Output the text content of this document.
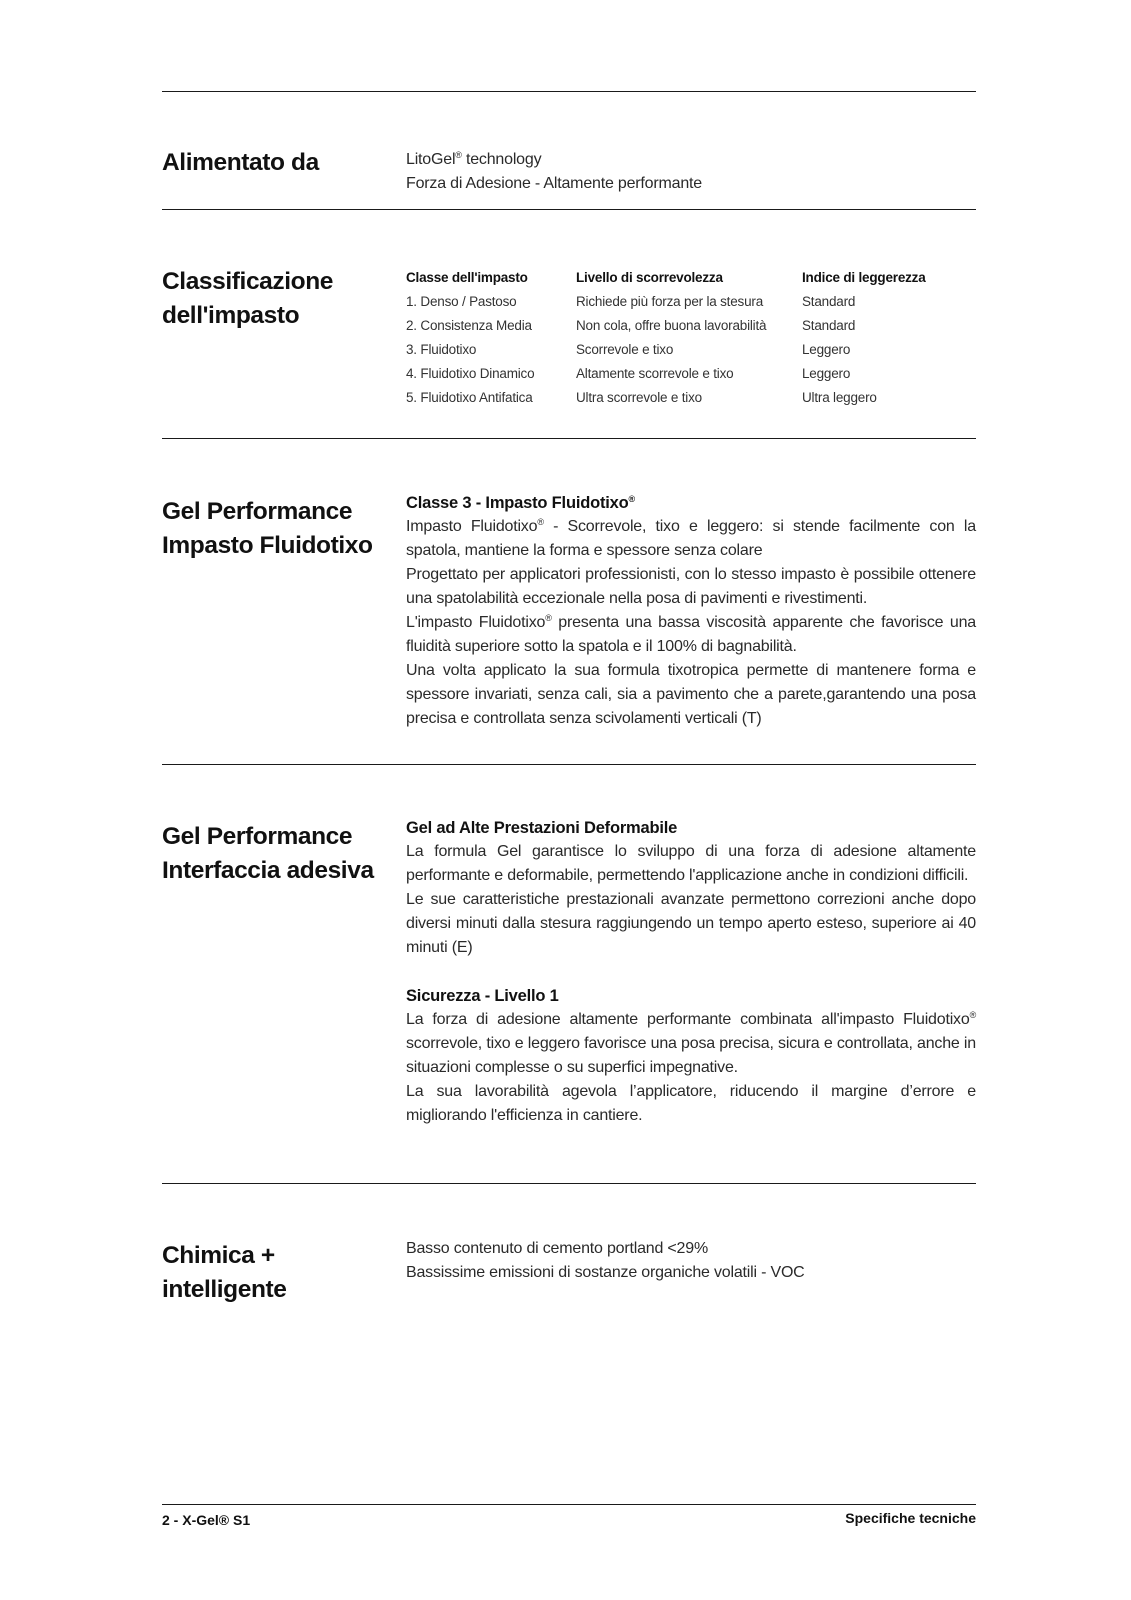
Alimentato da	LitoGel® technology
Forza di Adesione - Altamente performante
Classificazione dell'impasto
Classe dell'impasto	Livello di scorrevolezza	Indice di leggerezza
1. Denso / Pastoso	Richiede più forza per la stesura	Standard
2. Consistenza Media	Non cola, offre buona lavorabilità	Standard
3. Fluidotixo	Scorrevole e tixo	Leggero
4. Fluidotixo Dinamico	Altamente scorrevole e tixo	Leggero
5. Fluidotixo Antifatica	Ultra scorrevole e tixo	Ultra leggero
Gel Performance Impasto Fluidotixo
Classe 3 - Impasto Fluidotixo®
Impasto Fluidotixo® - Scorrevole, tixo e leggero: si stende facilmente con la spatola, mantiene la forma e spessore senza colare
Progettato per applicatori professionisti, con lo stesso impasto è possibile ottenere una spatolabilità eccezionale nella posa di pavimenti e rivestimenti.
L'impasto Fluidotixo® presenta una bassa viscosità apparente che favorisce una fluidità superiore sotto la spatola e il 100% di bagnabilità.
Una volta applicato la sua formula tixotropica permette di mantenere forma e spessore invariati, senza cali, sia a pavimento che a parete,garantendo una posa precisa e controllata senza scivolamenti verticali (T)
Gel Performance Interfaccia adesiva
Gel ad Alte Prestazioni Deformabile
La formula Gel garantisce lo sviluppo di una forza di adesione altamente performante e deformabile, permettendo l'applicazione anche in condizioni difficili.
Le sue caratteristiche prestazionali avanzate permettono correzioni anche dopo diversi minuti dalla stesura raggiungendo un tempo aperto esteso, superiore ai 40 minuti (E)
Sicurezza - Livello 1
La forza di adesione altamente performante combinata all'impasto Fluidotixo® scorrevole, tixo e leggero favorisce una posa precisa, sicura e controllata, anche in situazioni complesse o su superfici impegnative.
La sua lavorabilità agevola l’applicatore, riducendo il margine d’errore e migliorando l'efficienza in cantiere.
Chimica + intelligente
Basso contenuto di cemento portland <29%
Bassissime emissioni di sostanze organiche volatili - VOC
2 - X-Gel® S1	Specifiche tecniche
